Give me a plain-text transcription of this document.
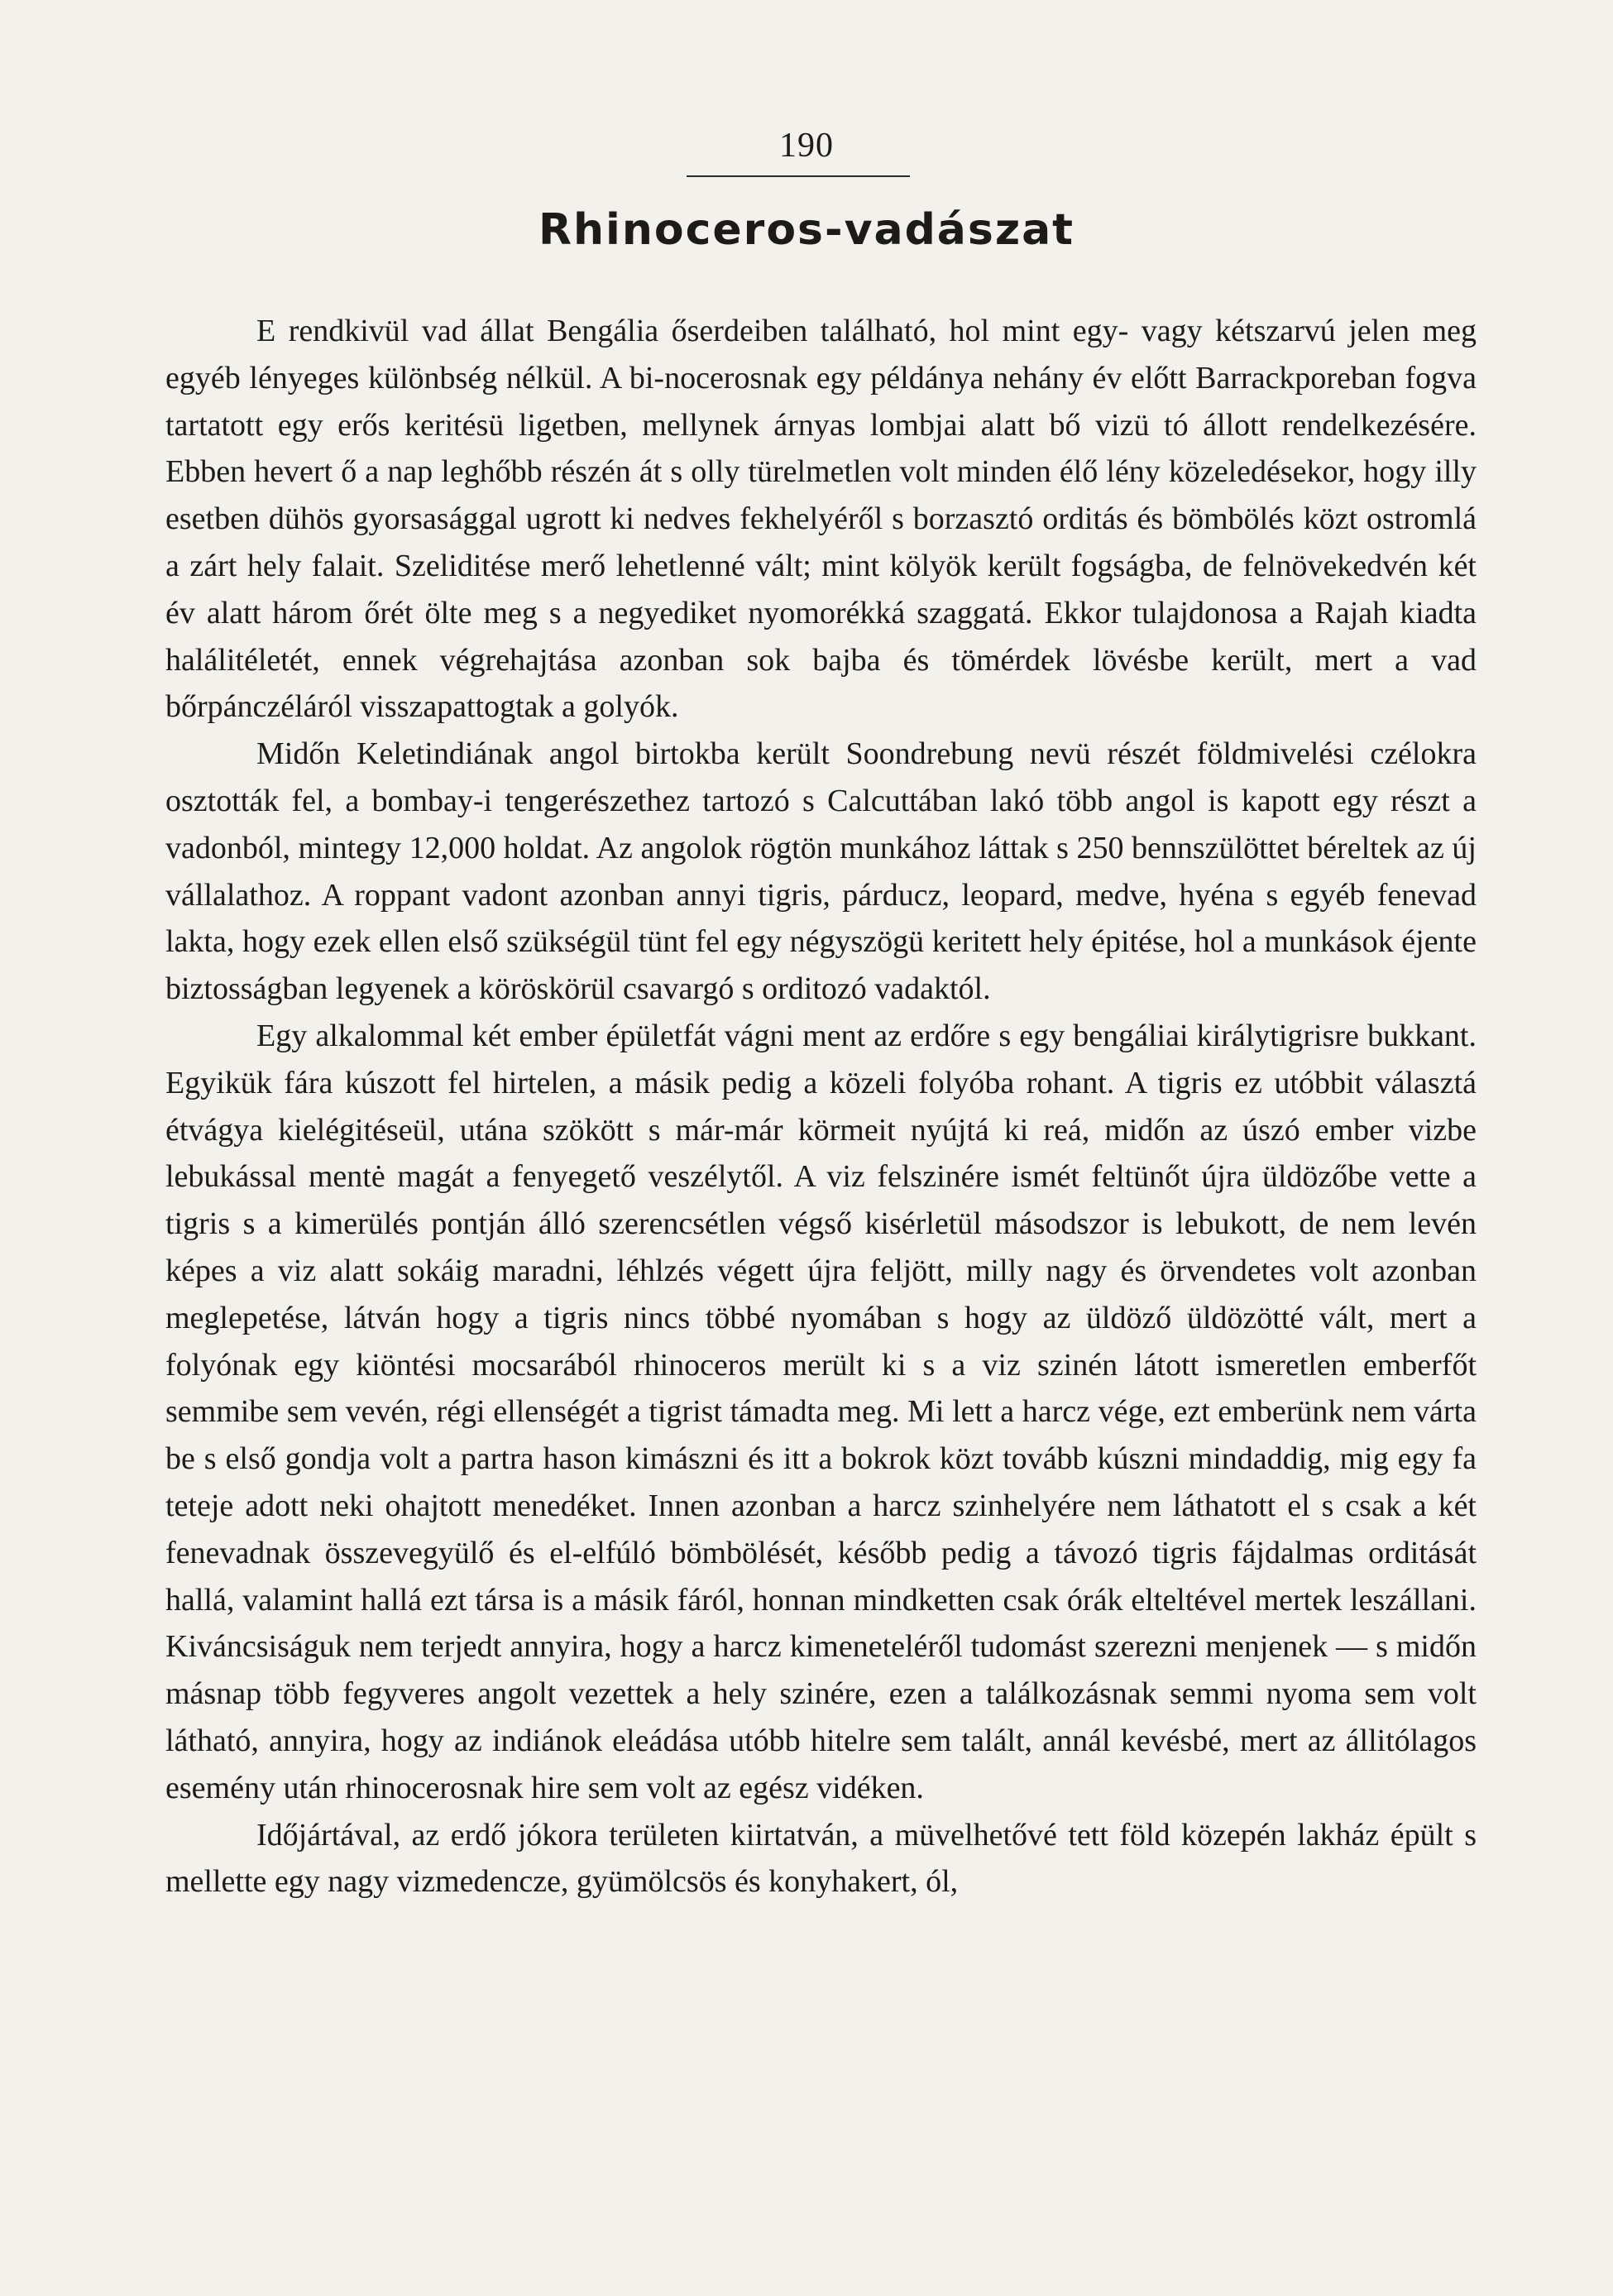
190
Rhinoceros-vadászat

E rendkivül vad állat Bengália őserdeiben található, hol mint egy- vagy kétszarvú jelen meg egyéb lényeges különbség nélkül. A bi-nocerosnak egy példánya nehány év előtt Barrackporeban fogva tartatott egy erős keritésü ligetben, mellynek árnyas lombjai alatt bő vizü tó állott rendelkezésére. Ebben hevert ő a nap leghőbb részén át s olly türelmetlen volt minden élő lény közeledésekor, hogy illy esetben dühös gyorsasággal ugrott ki nedves fekhelyéről s borzasztó orditás és bömbölés közt ostromlá a zárt hely falait. Szeliditése merő lehetlenné vált; mint kölyök került fogságba, de felnövekedvén két év alatt három őrét ölte meg s a negyediket nyomorékká szaggatá. Ekkor tulajdonosa a Rajah kiadta halálitéletét, ennek végrehajtása azonban sok bajba és tömérdek lövésbe került, mert a vad bőrpánczéláról visszapattogtak a golyók.

Midőn Keletindiának angol birtokba került Soondrebung nevü részét földmivelési czélokra osztották fel, a bombay-i tengerészethez tartozó s Calcuttában lakó több angol is kapott egy részt a vadonból, mintegy 12,000 holdat. Az angolok rögtön munkához láttak s 250 bennszülöttet béreltek az új vállalathoz. A roppant vadont azonban annyi tigris, párducz, leopard, medve, hyéna s egyéb fenevad lakta, hogy ezek ellen első szükségül tünt fel egy négyszögü keritett hely épitése, hol a munkások éjente biztosságban legyenek a köröskörül csavargó s orditozó vadaktól.

Egy alkalommal két ember épületfát vágni ment az erdőre s egy bengáliai királytigrisre bukkant. Egyikük fára kúszott fel hirtelen, a másik pedig a közeli folyóba rohant. A tigris ez utóbbit választá étvágya kielégitéseül, utána szökött s már-már körmeit nyújtá ki reá, midőn az úszó ember vizbe lebukással mentė magát a fenyegető veszélytől. A viz felszinére ismét feltünőt újra üldözőbe vette a tigris s a kimerülés pontján álló szerencsétlen végső kisérletül másodszor is lebukott, de nem levén képes a viz alatt sokáig maradni, léhlzés végett újra feljött, milly nagy és örvendetes volt azonban meglepetése, látván hogy a tigris nincs többé nyomában s hogy az üldöző üldözötté vált, mert a folyónak egy kiöntési mocsarából rhinoceros merült ki s a viz szinén látott ismeretlen emberfőt semmibe sem vevén, régi ellenségét a tigrist támadta meg. Mi lett a harcz vége, ezt emberünk nem várta be s első gondja volt a partra hason kimászni és itt a bokrok közt tovább kúszni mindaddig, mig egy fa teteje adott neki ohajtott menedéket. Innen azonban a harcz szinhelyére nem láthatott el s csak a két fenevadnak összevegyülő és el-elfúló bömbölését, később pedig a távozó tigris fájdalmas orditását hallá, valamint hallá ezt társa is a másik fáról, honnan mindketten csak órák elteltével mertek leszállani. Kiváncsiságuk nem terjedt annyira, hogy a harcz kimeneteléről tudomást szerezni menjenek — s midőn másnap több fegyveres angolt vezettek a hely szinére, ezen a találkozásnak semmi nyoma sem volt látható, annyira, hogy az indiánok eleádása utóbb hitelre sem talált, annál kevésbé, mert az állitólagos esemény után rhinocerosnak hire sem volt az egész vidéken.

Időjártával, az erdő jókora területen kiirtatván, a müvelhetővé tett föld közepén lakház épült s mellette egy nagy vizmedencze, gyümölcsös és konyhakert, ól,
